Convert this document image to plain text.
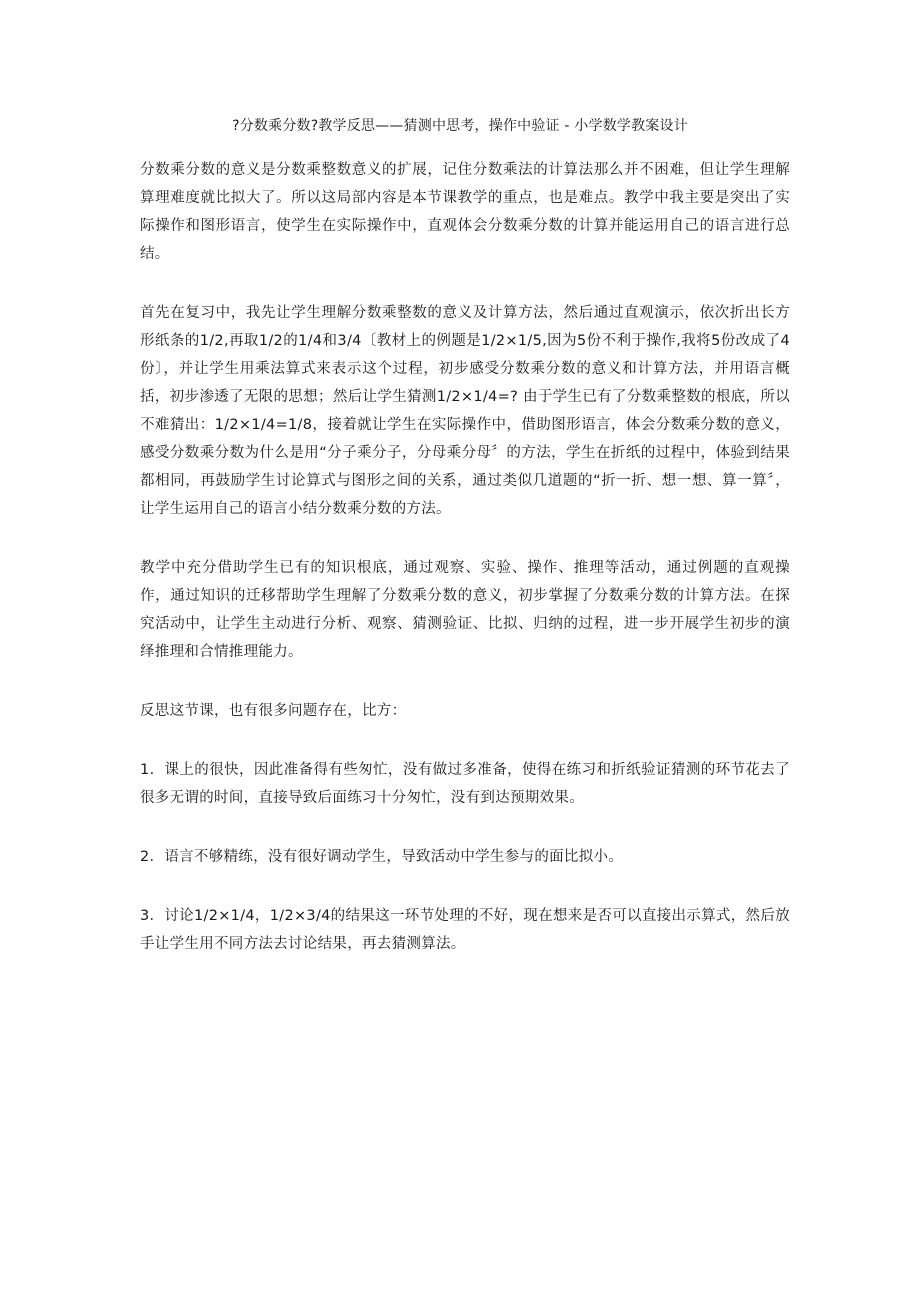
?分数乘分数?教学反思——猜测中思考，操作中验证 - 小学数学教案设计

分数乘分数的意义是分数乘整数意义的扩展，记住分数乘法的计算法那么并不困难，但让学生理解算理难度就比拟大了。所以这局部内容是本节课教学的重点，也是难点。教学中我主要是突出了实际操作和图形语言，使学生在实际操作中，直观体会分数乘分数的计算并能运用自己的语言进行总结。

首先在复习中，我先让学生理解分数乘整数的意义及计算方法，然后通过直观演示，依次折出长方形纸条的1/2,再取1/2的1/4和3/4〔教材上的例题是1/2×1/5,因为5份不利于操作,我将5份改成了4份〕，并让学生用乘法算式来表示这个过程，初步感受分数乘分数的意义和计算方法，并用语言概括，初步渗透了无限的思想；然后让学生猜测1/2×1/4=? 由于学生已有了分数乘整数的根底，所以不难猜出：1/2×1/4=1/8，接着就让学生在实际操作中，借助图形语言，体会分数乘分数的意义，感受分数乘分数为什么是用“分子乘分子，分母乘分母〞的方法，学生在折纸的过程中，体验到结果都相同，再鼓励学生讨论算式与图形之间的关系，通过类似几道题的“折一折、想一想、算一算〞，让学生运用自己的语言小结分数乘分数的方法。

教学中充分借助学生已有的知识根底，通过观察、实验、操作、推理等活动，通过例题的直观操作，通过知识的迁移帮助学生理解了分数乘分数的意义，初步掌握了分数乘分数的计算方法。在探究活动中，让学生主动进行分析、观察、猜测验证、比拟、归纳的过程，进一步开展学生初步的演绎推理和合情推理能力。

反思这节课，也有很多问题存在，比方：

1．课上的很快，因此准备得有些匆忙，没有做过多准备，使得在练习和折纸验证猜测的环节花去了很多无谓的时间，直接导致后面练习十分匆忙，没有到达预期效果。

2．语言不够精练，没有很好调动学生，导致活动中学生参与的面比拟小。

3．讨论1/2×1/4，1/2×3/4的结果这一环节处理的不好，现在想来是否可以直接出示算式，然后放手让学生用不同方法去讨论结果，再去猜测算法。
